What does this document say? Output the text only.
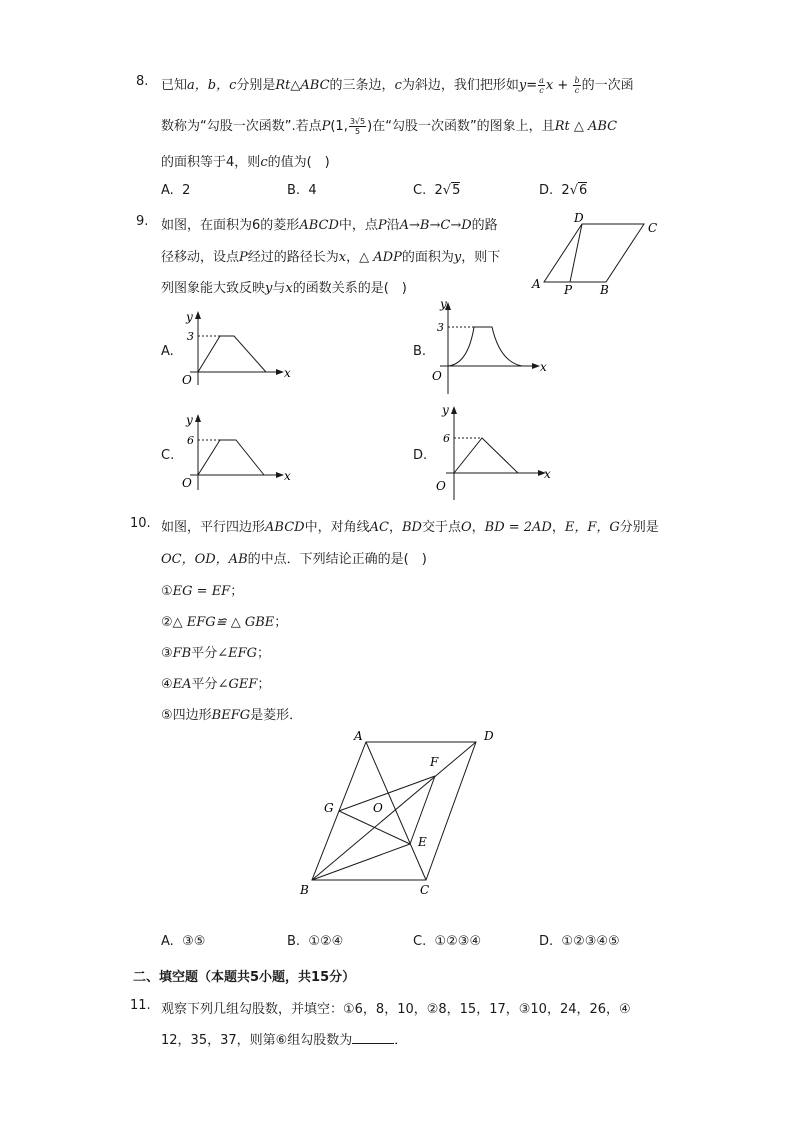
8. 已知a，b，c分别是Rt△ABC的三条边，c为斜边，我们把形如$y= \frac{a}{c}$ $x + \frac{b}{c}$ 的一次函
数称为“勾股一次函数”.若点P(1, $\frac{3√5}{5}$ )在“勾股一次函数”的图象上，且Rt △ ABC
的面积等于4，则c的值为(　)
A. 2	B. 4	C. 2√5	D. 2√6
9. 如图，在面积为6的菱形ABCD中，点P沿A→B→C→D的路
径移动，设点P经过的路径长为x，△ ADP的面积为y，则下
列图象能大致反映y与x的函数关系的是(　)	A	B
C
D
P
A.
3
y
x
O
B.
3
y
x
O
C.
6
y
x
O
D.
6
y
x
O
10. 如图，平行四边形ABCD中，对角线AC，BD交于点O，BD = 2AD，E，F，G分别是
OC，OD，AB的中点．下列结论正确的是(　)
①EG = EF；
②△ EFG≌ △ GBE；
③FB平分∠EFG；
④EA平分∠GEF；
⑤四边形BEFG是菱形．
A	D
F
G	O
E
B	C
A. ③⑤	B. ①②④	C. ①②③④	D. ①②③④⑤
二、填空题（本题共5小题，共15分）
11. 观察下列几组勾股数，并填空：①6，8，10，②8，15，17，③10，24，26，④
12，35，37，则第⑥组勾股数为	．
